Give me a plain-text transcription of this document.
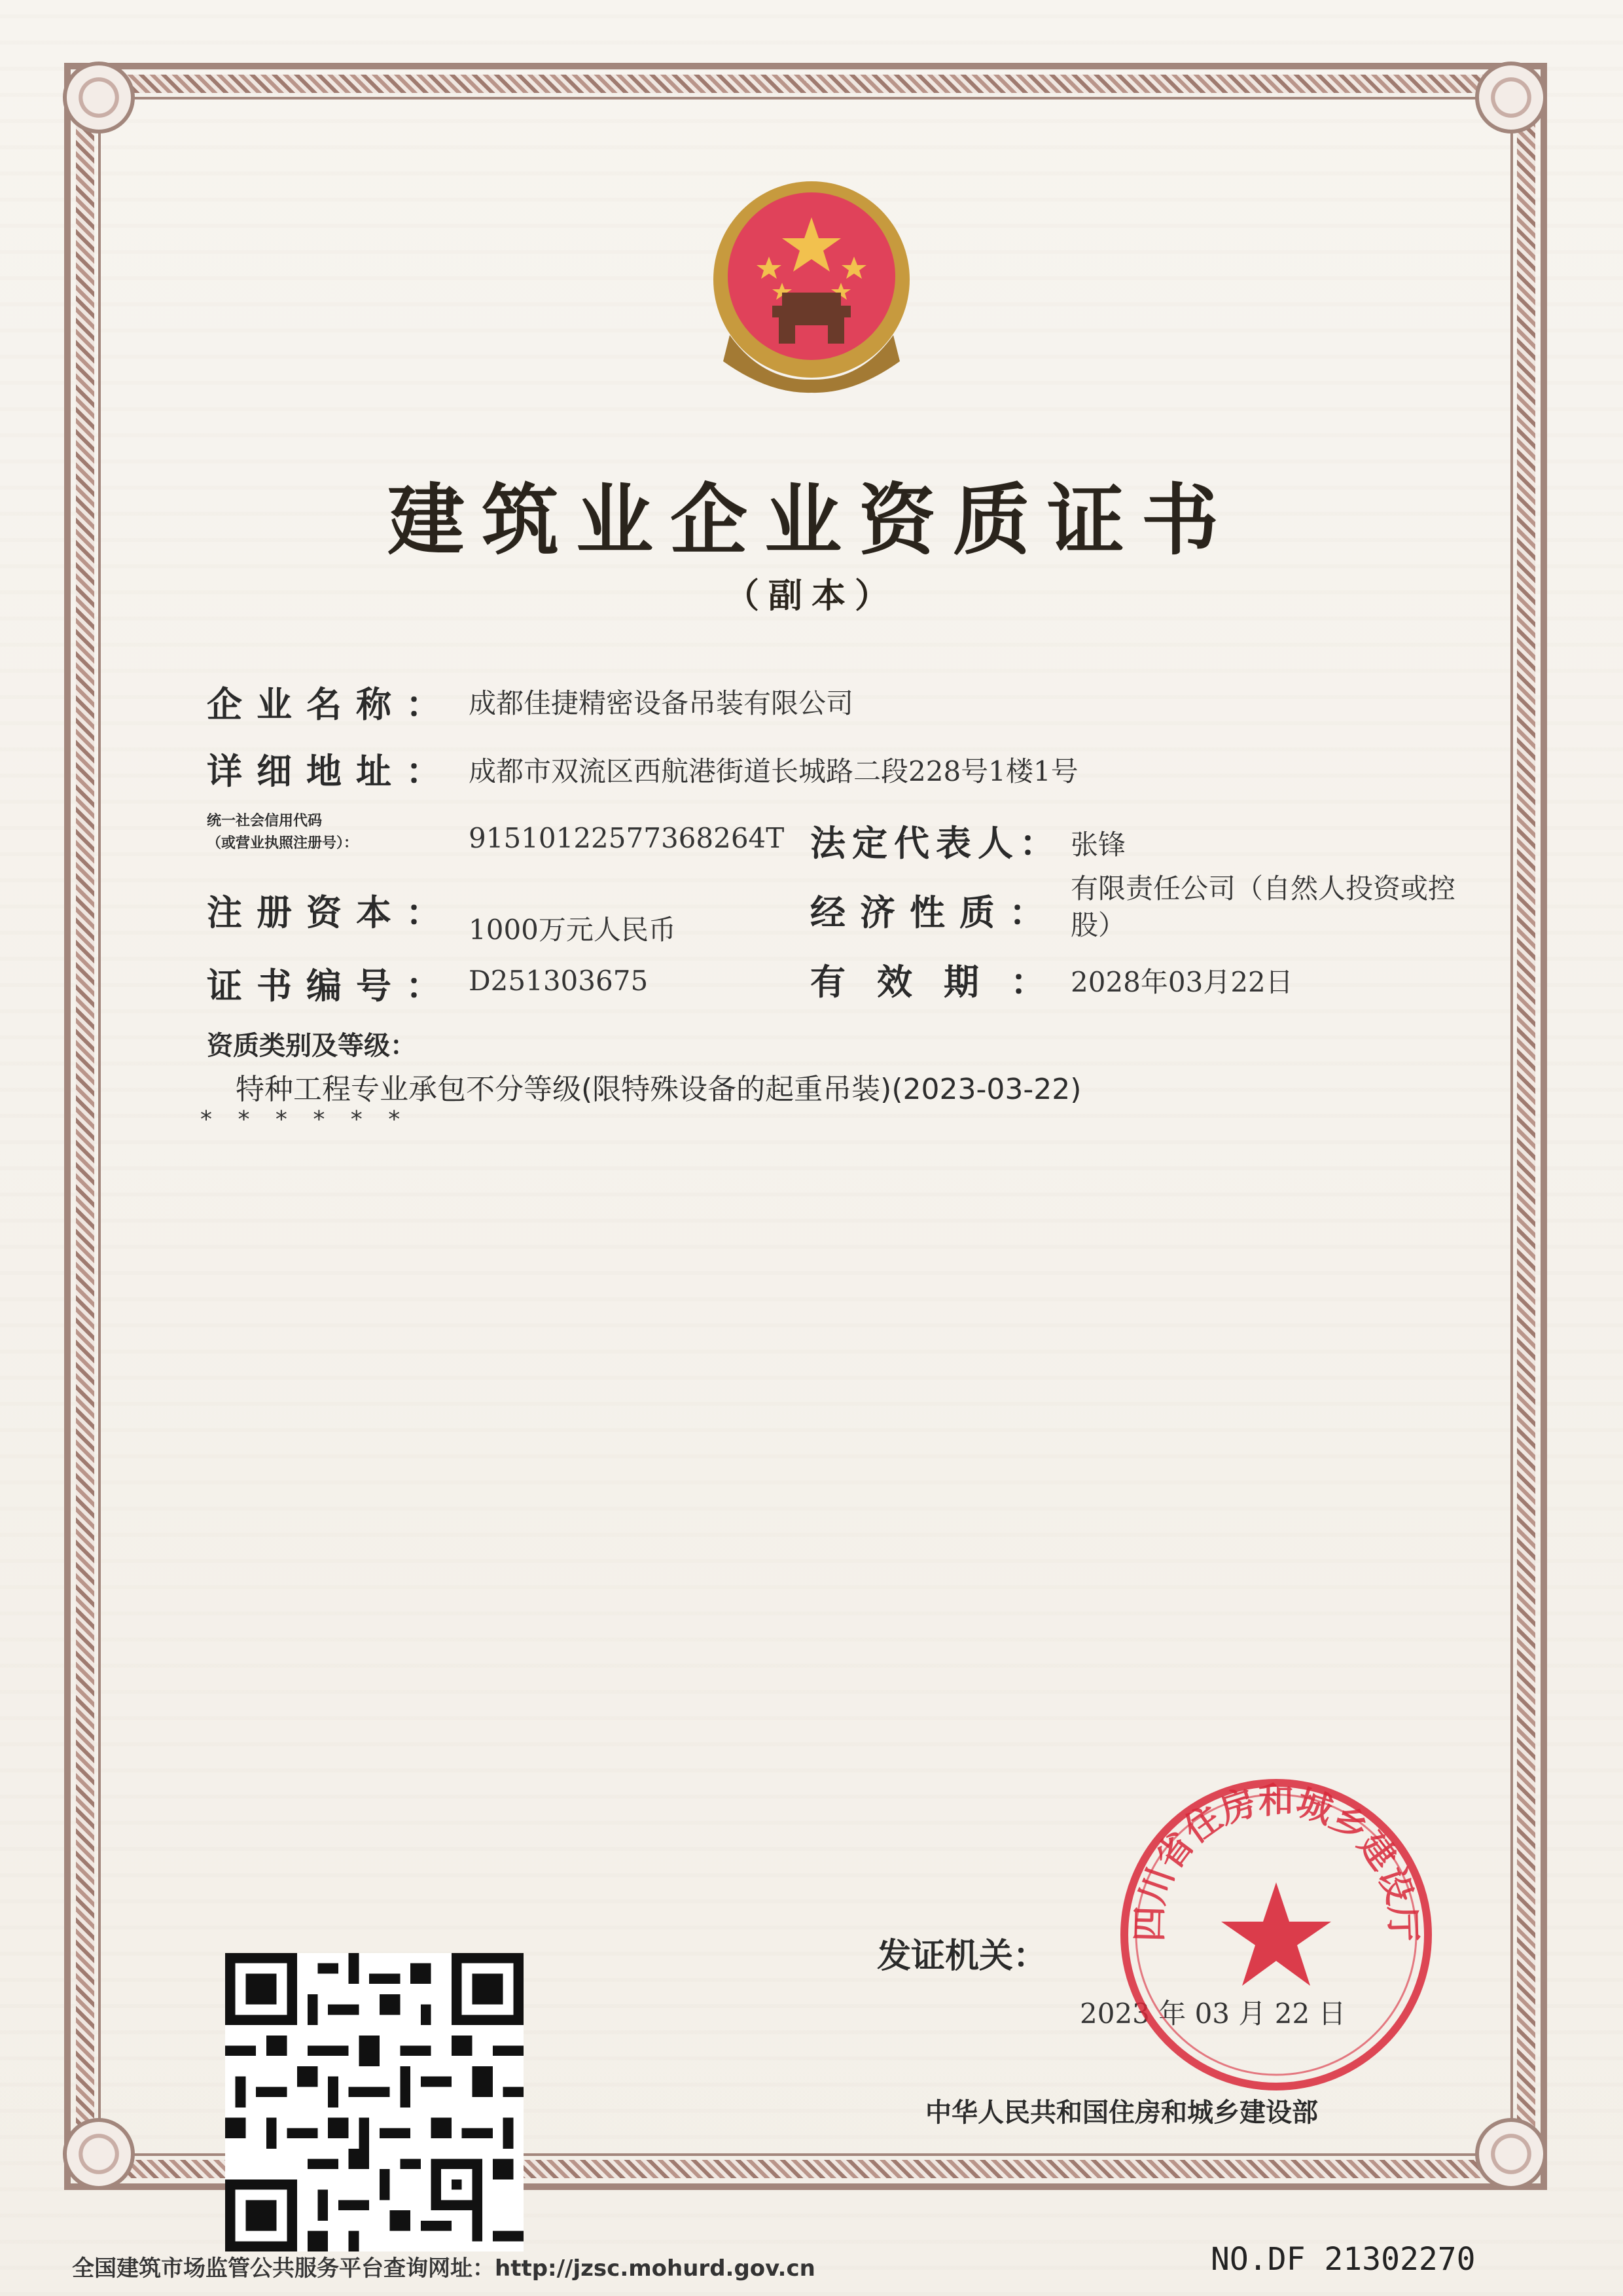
建筑业企业资质证书
（副本）
企业名称： 成都佳捷精密设备吊装有限公司
详细地址： 成都市双流区西航港街道长城路二段228号1楼1号
统一社会信用代码
（或营业执照注册号）：	91510122577368264T 法定代表人： 张锋
注册资本： 1000万元人民币	经济性质：
有限责任公司（自然人投资或控股）
证书编号： D251303675	有效期：
2028年03月22日
资质类别及等级：
特种工程专业承包不分等级(限特殊设备的起重吊装)(2023-03-22)
* * * * * *
发证机关：
2023 年 03 月 22 日
中华人民共和国住房和城乡建设部
四川省住房和城乡建设厅
全国建筑市场监管公共服务平台查询网址：http://jzsc.mohurd.gov.cn	NO.DF 21302270
